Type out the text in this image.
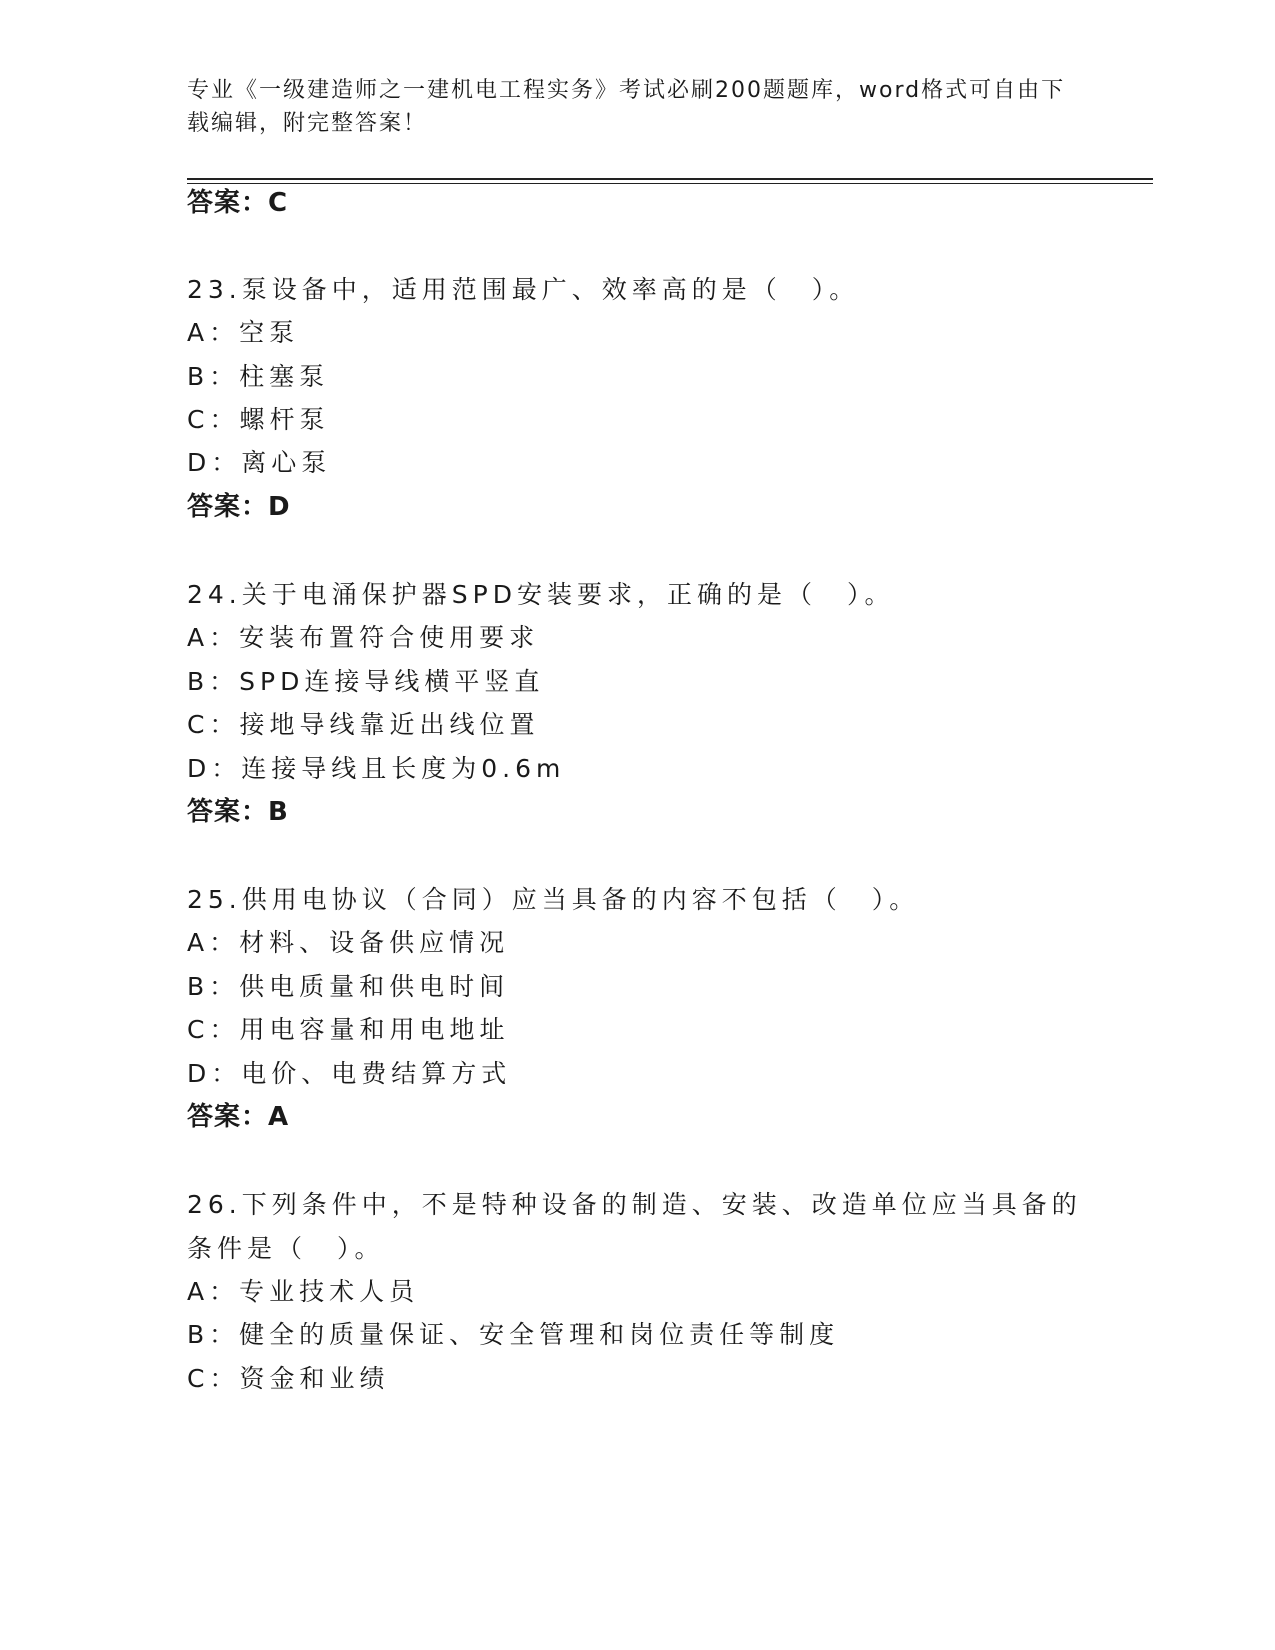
专业《一级建造师之一建机电工程实务》考试必刷200题题库，word格式可自由下载编辑，附完整答案！
答案：C
23.泵设备中，适用范围最广、效率高的是（　）。
A：空泵
B：柱塞泵
C：螺杆泵
D：离心泵
答案：D
24.关于电涌保护器SPD安装要求，正确的是（　）。
A：安装布置符合使用要求
B：SPD连接导线横平竖直
C：接地导线靠近出线位置
D：连接导线且长度为0.6m
答案：B
25.供用电协议（合同）应当具备的内容不包括（　）。
A：材料、设备供应情况
B：供电质量和供电时间
C：用电容量和用电地址
D：电价、电费结算方式
答案：A
26.下列条件中，不是特种设备的制造、安装、改造单位应当具备的条件是（　）。
A：专业技术人员
B：健全的质量保证、安全管理和岗位责任等制度
C：资金和业绩
